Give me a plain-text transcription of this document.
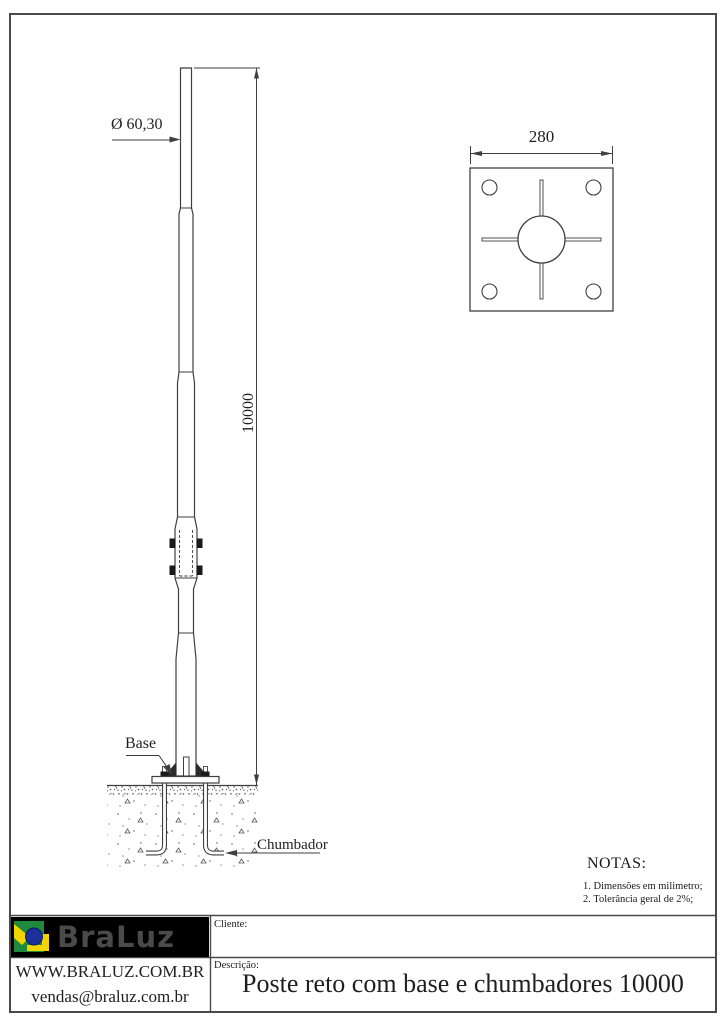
Ø 60,30
10000
Base
Chumbador
280

NOTAS:

1. Dimensões em milimetro;

2. Tolerância geral de 2%;

BraLuz
WWW.BRALUZ.COM.BR
vendas@braluz.com.br
Cliente:
Descrição:
Poste reto com base e chumbadores 10000
